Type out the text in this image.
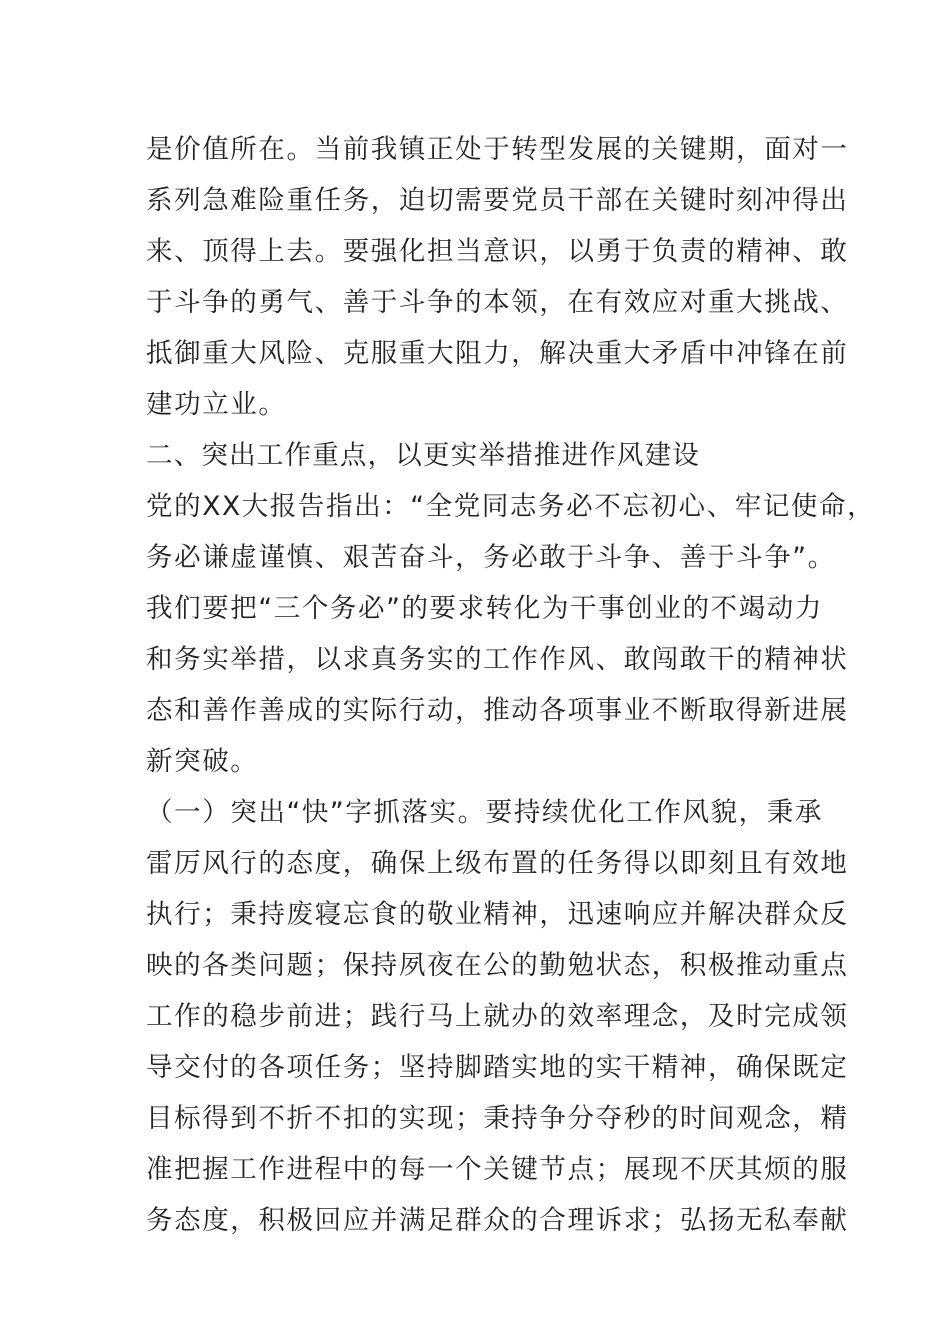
是价值所在。当前我镇正处于转型发展的关键期，面对一
系列急难险重任务，迫切需要党员干部在关键时刻冲得出
来、顶得上去。要强化担当意识，以勇于负责的精神、敢
于斗争的勇气、善于斗争的本领，在有效应对重大挑战、
抵御重大风险、克服重大阻力，解决重大矛盾中冲锋在前
建功立业。
二、突出工作重点，以更实举措推进作风建设
党的XX大报告指出：“全党同志务必不忘初心、牢记使命，
务必谦虚谨慎、艰苦奋斗，务必敢于斗争、善于斗争”。
我们要把“三个务必”的要求转化为干事创业的不竭动力
和务实举措，以求真务实的工作作风、敢闯敢干的精神状
态和善作善成的实际行动，推动各项事业不断取得新进展
新突破。
（一）突出“快”字抓落实。要持续优化工作风貌，秉承
雷厉风行的态度，确保上级布置的任务得以即刻且有效地
执行；秉持废寝忘食的敬业精神，迅速响应并解决群众反
映的各类问题；保持夙夜在公的勤勉状态，积极推动重点
工作的稳步前进；践行马上就办的效率理念，及时完成领
导交付的各项任务；坚持脚踏实地的实干精神，确保既定
目标得到不折不扣的实现；秉持争分夺秒的时间观念，精
准把握工作进程中的每一个关键节点；展现不厌其烦的服
务态度，积极回应并满足群众的合理诉求；弘扬无私奉献
